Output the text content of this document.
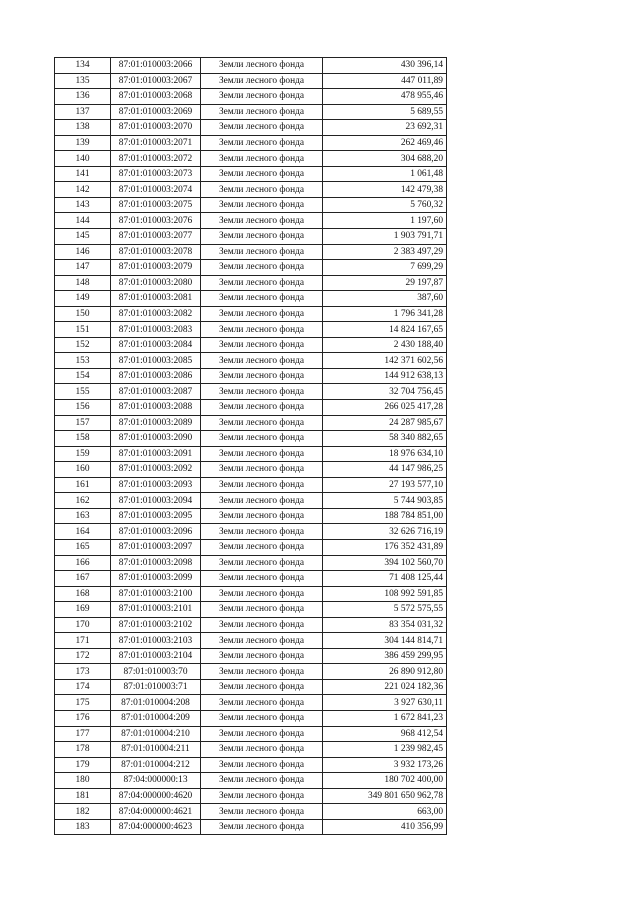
134	87:01:010003:2066	Земли лесного фонда	430 396,14
135	87:01:010003:2067	Земли лесного фонда	447 011,89
136	87:01:010003:2068	Земли лесного фонда	478 955,46
137	87:01:010003:2069	Земли лесного фонда	5 689,55
138	87:01:010003:2070	Земли лесного фонда	23 692,31
139	87:01:010003:2071	Земли лесного фонда	262 469,46
140	87:01:010003:2072	Земли лесного фонда	304 688,20
141	87:01:010003:2073	Земли лесного фонда	1 061,48
142	87:01:010003:2074	Земли лесного фонда	142 479,38
143	87:01:010003:2075	Земли лесного фонда	5 760,32
144	87:01:010003:2076	Земли лесного фонда	1 197,60
145	87:01:010003:2077	Земли лесного фонда	1 903 791,71
146	87:01:010003:2078	Земли лесного фонда	2 383 497,29
147	87:01:010003:2079	Земли лесного фонда	7 699,29
148	87:01:010003:2080	Земли лесного фонда	29 197,87
149	87:01:010003:2081	Земли лесного фонда	387,60
150	87:01:010003:2082	Земли лесного фонда	1 796 341,28
151	87:01:010003:2083	Земли лесного фонда	14 824 167,65
152	87:01:010003:2084	Земли лесного фонда	2 430 188,40
153	87:01:010003:2085	Земли лесного фонда	142 371 602,56
154	87:01:010003:2086	Земли лесного фонда	144 912 638,13
155	87:01:010003:2087	Земли лесного фонда	32 704 756,45
156	87:01:010003:2088	Земли лесного фонда	266 025 417,28
157	87:01:010003:2089	Земли лесного фонда	24 287 985,67
158	87:01:010003:2090	Земли лесного фонда	58 340 882,65
159	87:01:010003:2091	Земли лесного фонда	18 976 634,10
160	87:01:010003:2092	Земли лесного фонда	44 147 986,25
161	87:01:010003:2093	Земли лесного фонда	27 193 577,10
162	87:01:010003:2094	Земли лесного фонда	5 744 903,85
163	87:01:010003:2095	Земли лесного фонда	188 784 851,00
164	87:01:010003:2096	Земли лесного фонда	32 626 716,19
165	87:01:010003:2097	Земли лесного фонда	176 352 431,89
166	87:01:010003:2098	Земли лесного фонда	394 102 560,70
167	87:01:010003:2099	Земли лесного фонда	71 408 125,44
168	87:01:010003:2100	Земли лесного фонда	108 992 591,85
169	87:01:010003:2101	Земли лесного фонда	5 572 575,55
170	87:01:010003:2102	Земли лесного фонда	83 354 031,32
171	87:01:010003:2103	Земли лесного фонда	304 144 814,71
172	87:01:010003:2104	Земли лесного фонда	386 459 299,95
173	87:01:010003:70	Земли лесного фонда	26 890 912,80
174	87:01:010003:71	Земли лесного фонда	221 024 182,36
175	87:01:010004:208	Земли лесного фонда	3 927 630,11
176	87:01:010004:209	Земли лесного фонда	1 672 841,23
177	87:01:010004:210	Земли лесного фонда	968 412,54
178	87:01:010004:211	Земли лесного фонда	1 239 982,45
179	87:01:010004:212	Земли лесного фонда	3 932 173,26
180	87:04:000000:13	Земли лесного фонда	180 702 400,00
181	87:04:000000:4620	Земли лесного фонда	349 801 650 962,78
182	87:04:000000:4621	Земли лесного фонда	663,00
183	87:04:000000:4623	Земли лесного фонда	410 356,99
